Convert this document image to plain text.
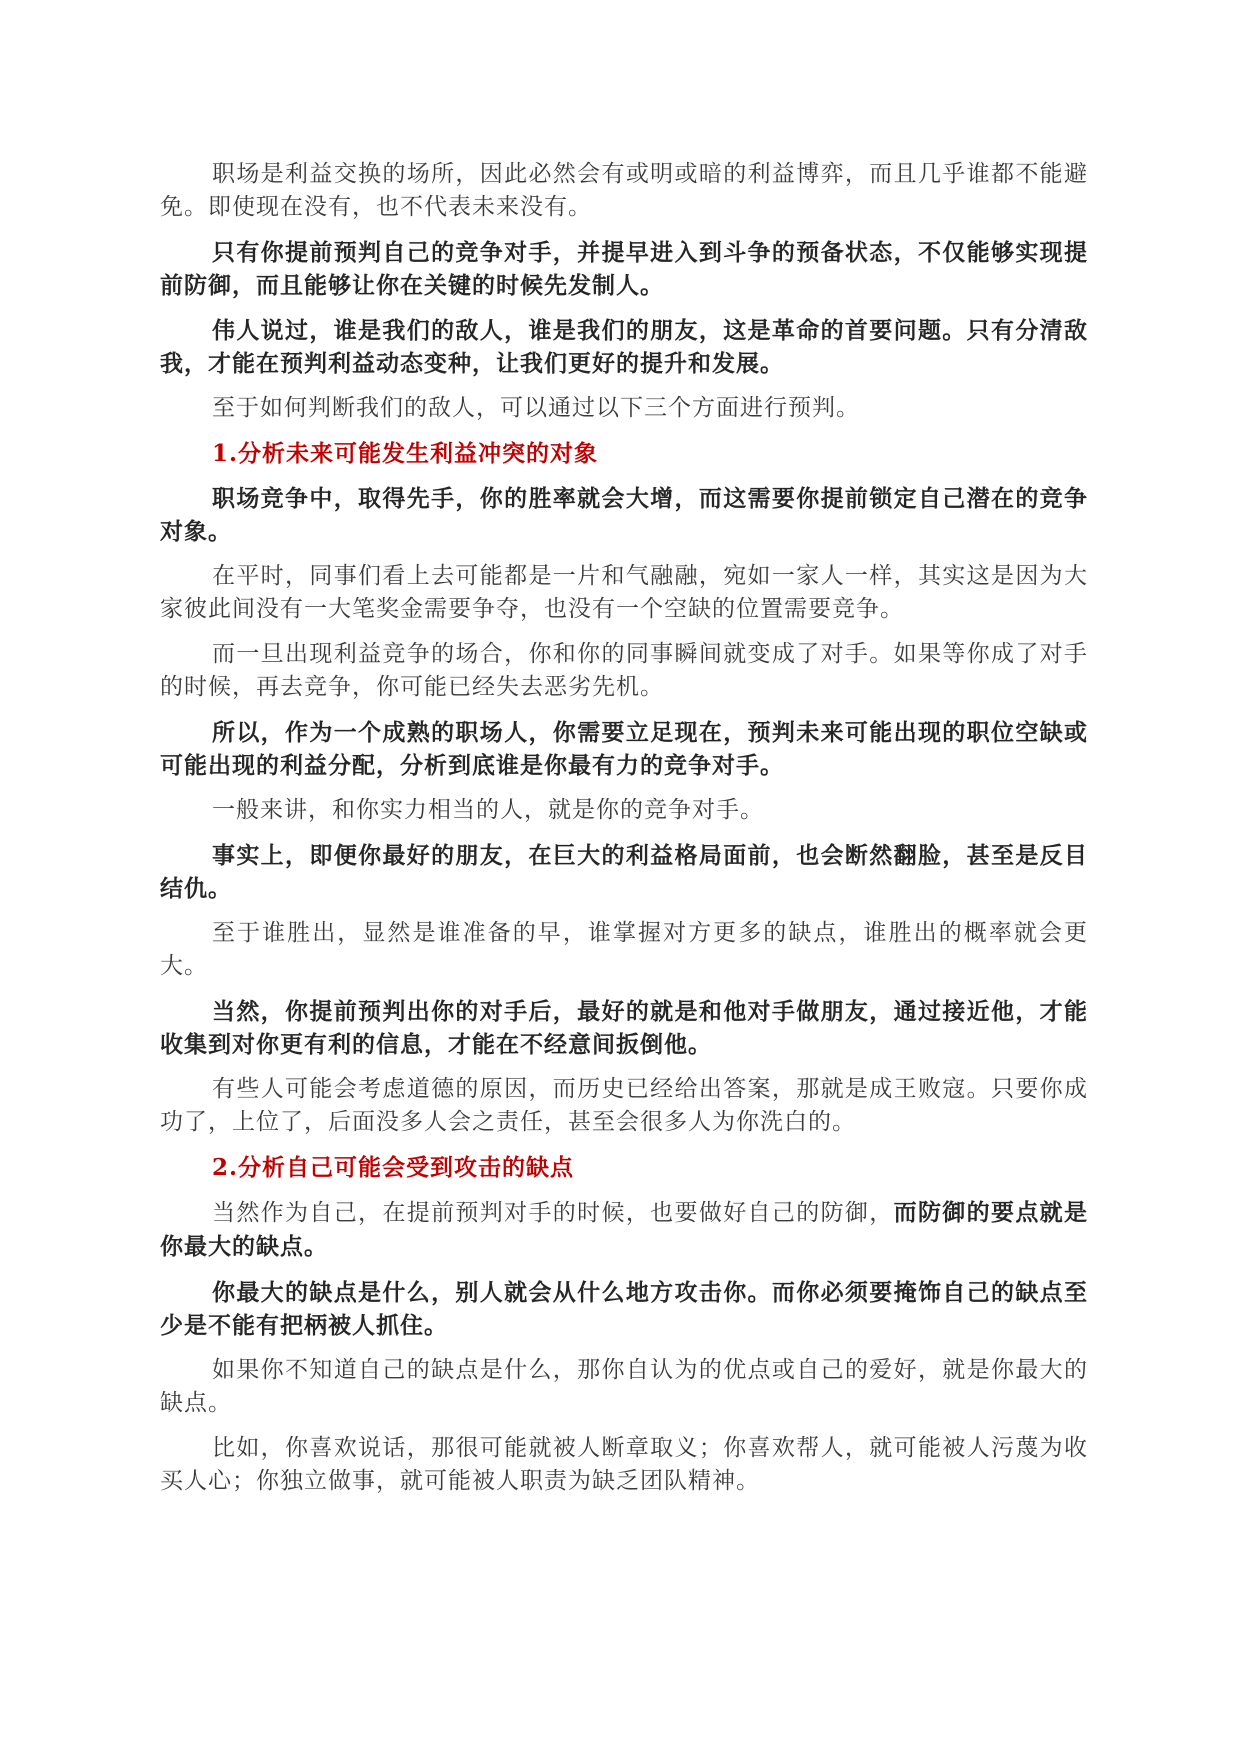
职场是利益交换的场所，因此必然会有或明或暗的利益博弈，而且几乎谁都不能避免。即使现在没有，也不代表未来没有。

只有你提前预判自己的竞争对手，并提早进入到斗争的预备状态，不仅能够实现提前防御，而且能够让你在关键的时候先发制人。

伟人说过，谁是我们的敌人，谁是我们的朋友，这是革命的首要问题。只有分清敌我，才能在预判利益动态变种，让我们更好的提升和发展。

至于如何判断我们的敌人，可以通过以下三个方面进行预判。

1.分析未来可能发生利益冲突的对象

职场竞争中，取得先手，你的胜率就会大增，而这需要你提前锁定自己潜在的竞争对象。

在平时，同事们看上去可能都是一片和气融融，宛如一家人一样，其实这是因为大家彼此间没有一大笔奖金需要争夺，也没有一个空缺的位置需要竞争。

而一旦出现利益竞争的场合，你和你的同事瞬间就变成了对手。如果等你成了对手的时候，再去竞争，你可能已经失去恶劣先机。

所以，作为一个成熟的职场人，你需要立足现在，预判未来可能出现的职位空缺或可能出现的利益分配，分析到底谁是你最有力的竞争对手。

一般来讲，和你实力相当的人，就是你的竞争对手。

事实上，即便你最好的朋友，在巨大的利益格局面前，也会断然翻脸，甚至是反目结仇。

至于谁胜出，显然是谁准备的早，谁掌握对方更多的缺点，谁胜出的概率就会更大。

当然，你提前预判出你的对手后，最好的就是和他对手做朋友，通过接近他，才能收集到对你更有利的信息，才能在不经意间扳倒他。

有些人可能会考虑道德的原因，而历史已经给出答案，那就是成王败寇。只要你成功了，上位了，后面没多人会之责任，甚至会很多人为你洗白的。

2.分析自己可能会受到攻击的缺点

当然作为自己，在提前预判对手的时候，也要做好自己的防御，而防御的要点就是你最大的缺点。

你最大的缺点是什么，别人就会从什么地方攻击你。而你必须要掩饰自己的缺点至少是不能有把柄被人抓住。

如果你不知道自己的缺点是什么，那你自认为的优点或自己的爱好，就是你最大的缺点。

比如，你喜欢说话，那很可能就被人断章取义；你喜欢帮人，就可能被人污蔑为收买人心；你独立做事，就可能被人职责为缺乏团队精神。
